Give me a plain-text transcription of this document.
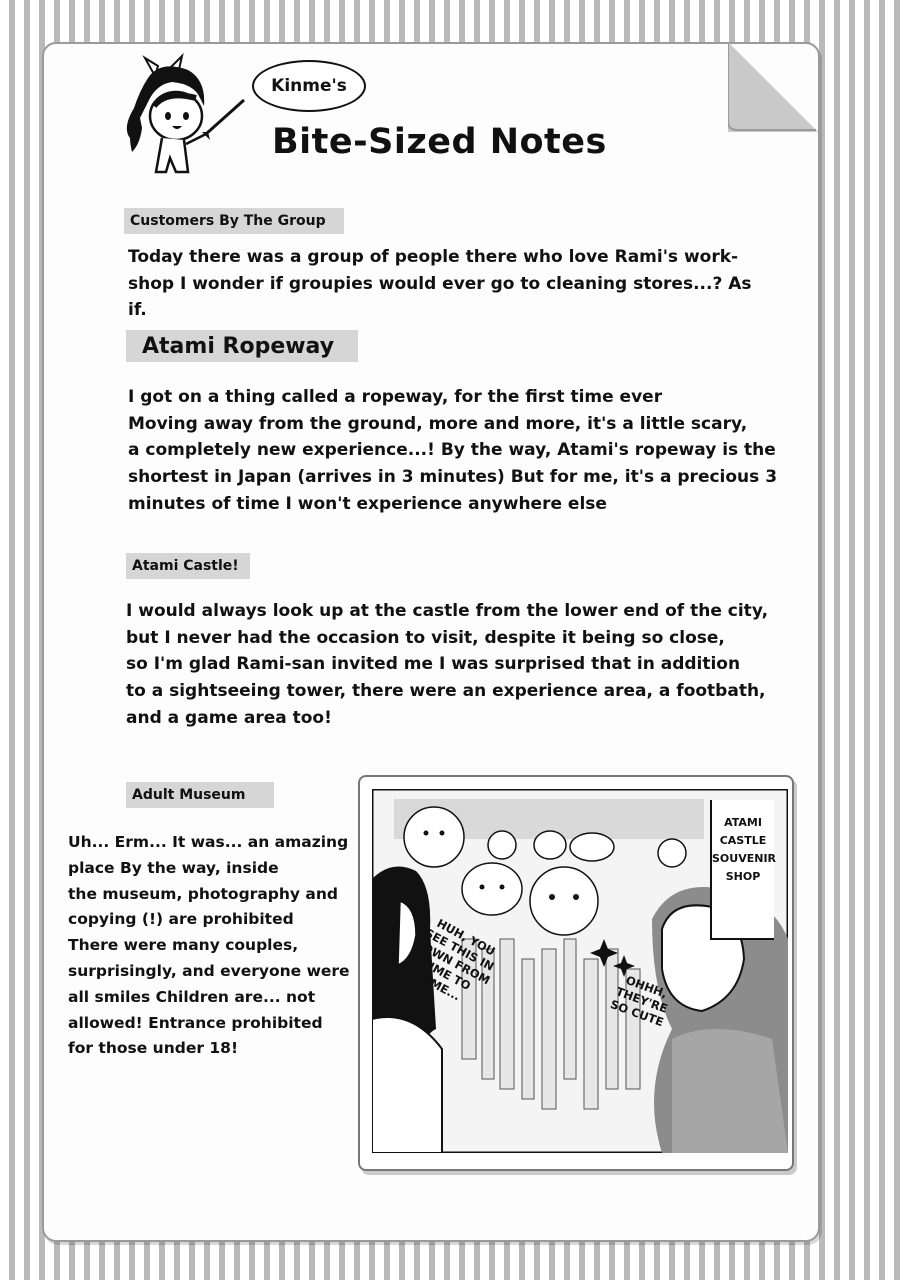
Kinme's
Bite-Sized Notes
Customers By The Group

Today there was a group of people there who love Rami's work-
shop I wonder if groupies would ever go to cleaning stores...? As
if.

Atami Ropeway

I got on a thing called a ropeway, for the first time ever
Moving away from the ground, more and more, it's a little scary,
a completely new experience...! By the way, Atami's ropeway is the
shortest in Japan (arrives in 3 minutes) But for me, it's a precious 3
minutes of time I won't experience anywhere else

Atami Castle!

I would always look up at the castle from the lower end of the city,
but I never had the occasion to visit, despite it being so close,
so I'm glad Rami-san invited me I was surprised that in addition
to a sightseeing tower, there were an experience area, a footbath,
and a game area too!

Adult Museum

Uh... Erm... It was... an amazing
place By the way, inside
the museum, photography and
copying (!) are prohibited
There were many couples,
surprisingly, and everyone were
all smiles Children are... not
allowed! Entrance prohibited
for those under 18!

ATAMI
CASTLE
SOUVENIR
SHOP
HUH, YOU
SEE THIS IN
TOWN FROM
TIME TO
TIME...	OHHH,
THEY'RE
SO CUTE
